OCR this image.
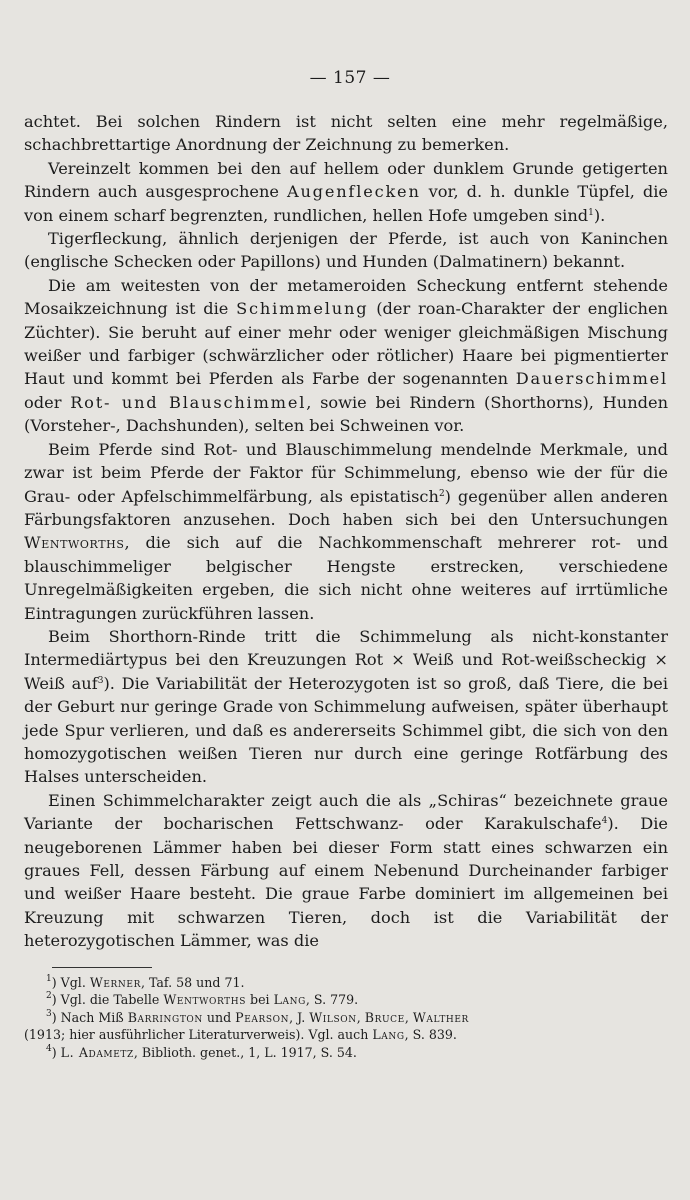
— 157 —

achtet. Bei solchen Rindern ist nicht selten eine mehr regelmäßige, schachbrettartige Anordnung der Zeichnung zu bemerken.

Vereinzelt kommen bei den auf hellem oder dunklem Grunde getigerten Rindern auch ausgesprochene Augenflecken vor, d. h. dunkle Tüpfel, die von einem scharf begrenzten, rundlichen, hellen Hofe umgeben sind$^1$).

Tigerfleckung, ähnlich derjenigen der Pferde, ist auch von Kaninchen (englische Schecken oder Papillons) und Hunden (Dalmatinern) bekannt.

Die am weitesten von der metameroiden Scheckung entfernt stehende Mosaikzeichnung ist die Schimmelung (der roan-Charakter der englichen Züchter). Sie beruht auf einer mehr oder weniger gleichmäßigen Mischung weißer und farbiger (schwärzlicher oder rötlicher) Haare bei pigmentierter Haut und kommt bei Pferden als Farbe der sogenannten Dauerschimmel oder Rot- und Blauschimmel, sowie bei Rindern (Shorthorns), Hunden (Vorsteher-, Dachshunden), selten bei Schweinen vor.

Beim Pferde sind Rot- und Blauschimmelung mendelnde Merkmale, und zwar ist beim Pferde der Faktor für Schimmelung, ebenso wie der für die Grau- oder Apfelschimmelfärbung, als epistatisch$^2$) gegenüber allen anderen Färbungsfaktoren anzusehen. Doch haben sich bei den Untersuchungen Wentworths, die sich auf die Nachkommenschaft mehrerer rot- und blauschimmeliger belgischer Hengste erstrecken, verschiedene Unregelmäßigkeiten ergeben, die sich nicht ohne weiteres auf irrtümliche Eintragungen zurückführen lassen.

Beim Shorthorn-Rinde tritt die Schimmelung als nicht-konstanter Intermediärtypus bei den Kreuzungen Rot × Weiß und Rot-weißscheckig × Weiß auf$^3$). Die Variabilität der Heterozygoten ist so groß, daß Tiere, die bei der Geburt nur geringe Grade von Schimmelung aufweisen, später überhaupt jede Spur verlieren, und daß es andererseits Schimmel gibt, die sich von den homozygotischen weißen Tieren nur durch eine geringe Rotfärbung des Halses unterscheiden.

Einen Schimmelcharakter zeigt auch die als „Schiras“ bezeichnete graue Variante der bocharischen Fettschwanz- oder Karakulschafe$^4$). Die neugeborenen Lämmer haben bei dieser Form statt eines schwarzen ein graues Fell, dessen Färbung auf einem Nebenund Durcheinander farbiger und weißer Haare besteht. Die graue Farbe dominiert im allgemeinen bei Kreuzung mit schwarzen Tieren, doch ist die Variabilität der heterozygotischen Lämmer, was die

$^1$) Vgl. Werner, Taf. 58 und 71.

$^2$) Vgl. die Tabelle Wentworths bei Lang, S. 779.

$^3$) Nach Miß Barrington und Pearson, J. Wilson, Bruce, Walther

(1913; hier ausführlicher Literaturverweis). Vgl. auch Lang, S. 839.

$^4$) L. Adametz, Biblioth. genet., 1, L. 1917, S. 54.
